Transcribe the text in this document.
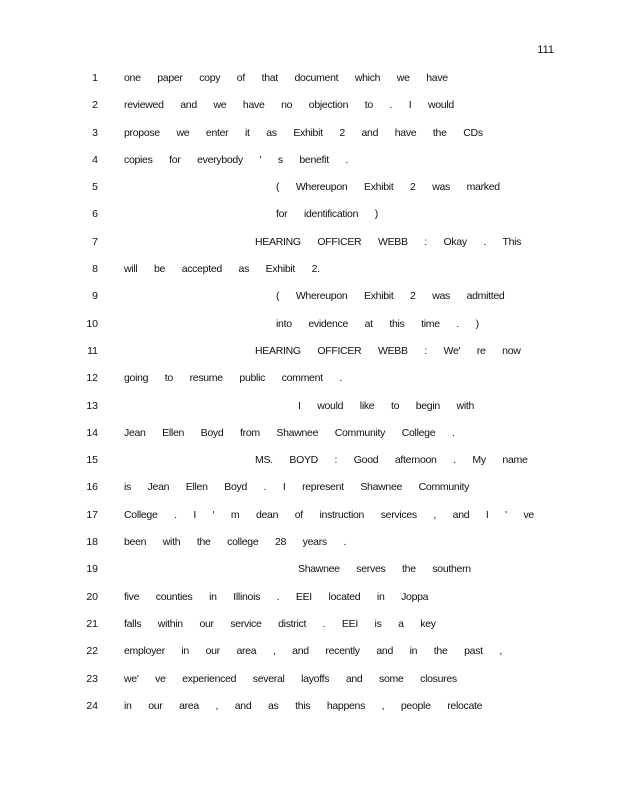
111
1 one paper copy of that document which we have
2 reviewed and we have no objection to . I would
3 propose we enter it as Exhibit 2 and have the CDs
4 copies for everybody ' s benefit .
5	( Whereupon Exhibit 2 was marked
6	for identification )
7	HEARING OFFICER WEBB : Okay . This
8 will be accepted as Exhibit 2.
9	( Whereupon Exhibit 2 was admitted
10	into evidence at this time . )
11	HEARING OFFICER WEBB : We' re now
12 going to resume public comment .
13	I would like to begin with
14 Jean Ellen Boyd from Shawnee Community College .
15	MS. BOYD : Good afternoon . My name
16 is Jean Ellen Boyd . I represent Shawnee Community
17 College . I ' m dean of instruction services , and I ' ve
18 been with the college 28 years .
19	Shawnee serves the southern
20 five counties in Illinois . EEI located in Joppa
21 falls within our service district . EEI is a key
22 employer in our area , and recently and in the past ,
23 we' ve experienced several layoffs and some closures
24 in our area , and as this happens , people relocate
